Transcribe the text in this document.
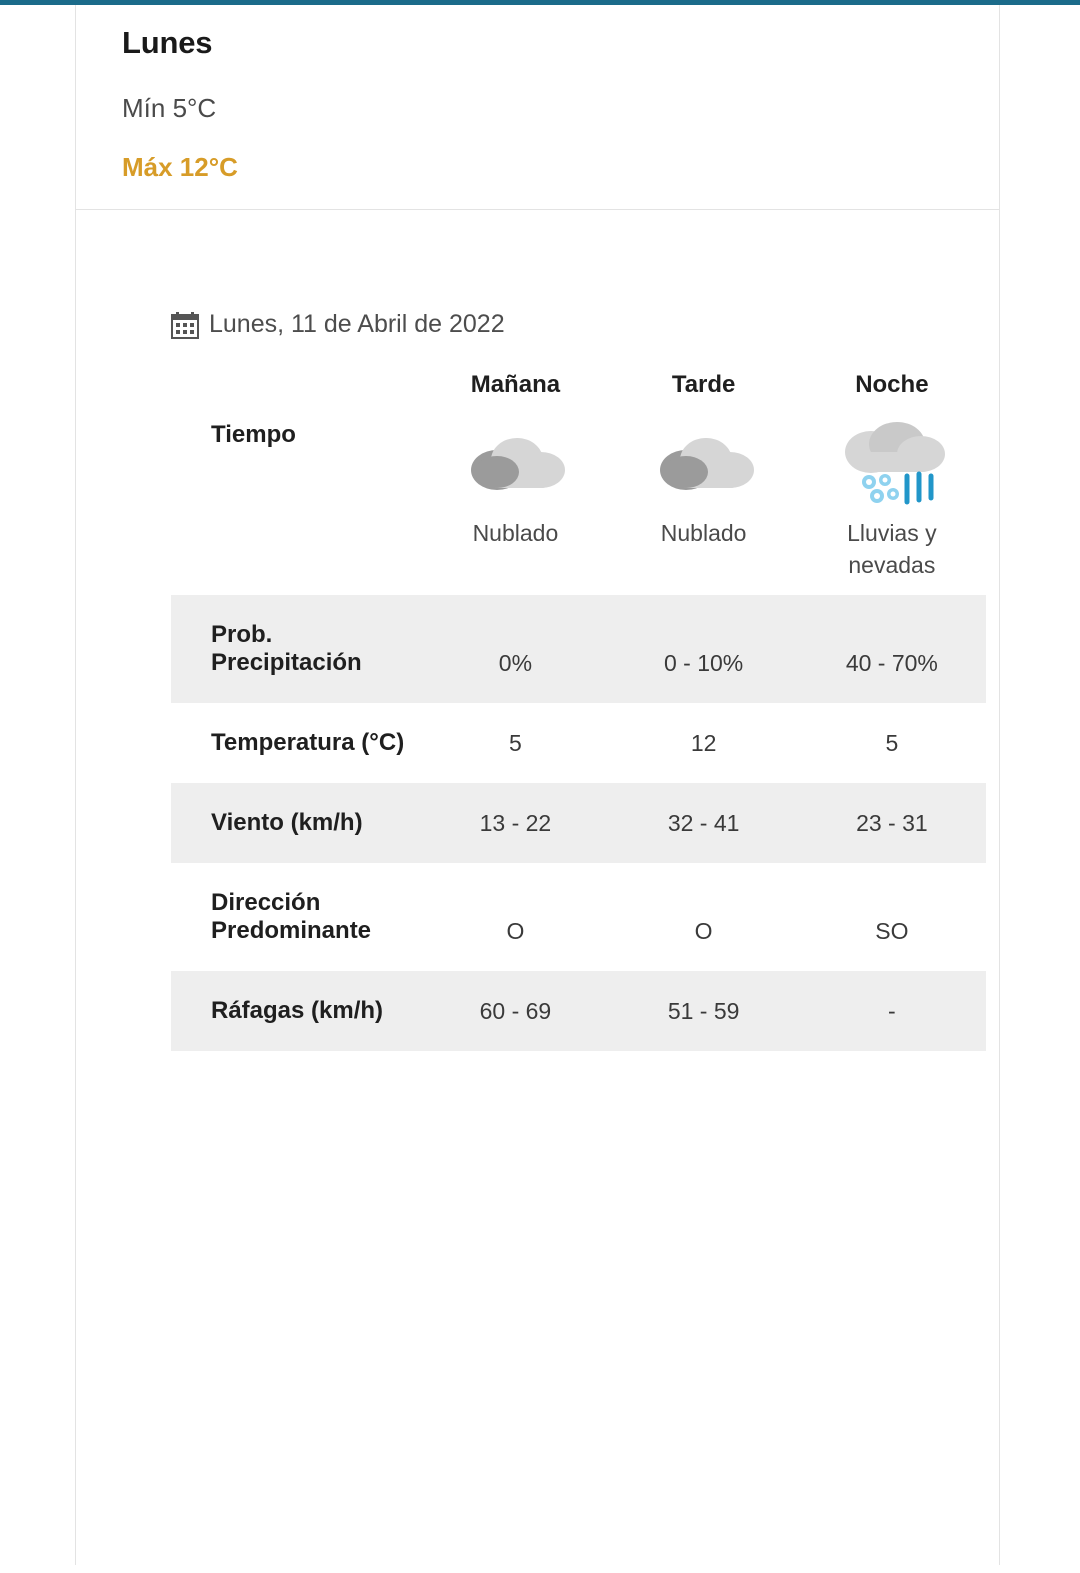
Lunes
Mín 5°C
Máx 12°C
Lunes, 11 de Abril de 2022
	Mañana	Tarde	Noche
Tiempo	Nublado	Nublado	Lluvias y nevadas

Prob. Precipitación	0%	0 - 10%	40 - 70%
Temperatura (°C)	5	12	5
Viento (km/h)	13 - 22	32 - 41	23 - 31
Dirección Predominante	O	O	SO
Ráfagas (km/h)	60 - 69	51 - 59	-
